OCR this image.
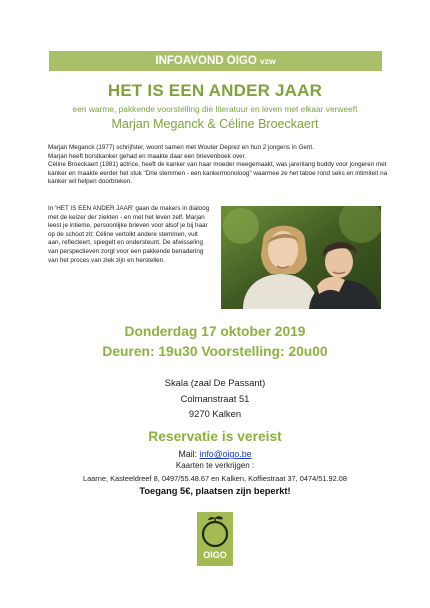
INFOAVOND OIGO vzw
HET IS EEN ANDER JAAR
een warme, pakkende voorstelling die literatuur en leven met elkaar verweeft
Marjan Meganck & Céline Broeckaert

Marjan Meganck (1977) schrijfster, woont samen met Wouter Deprez en hun 2 jongens in Gent.

Marjan heeft borstkanker gehad en maakte daar een brievenboek over.

Céline Broeckaert (1981) actrice, heeft de kanker van haar moeder meegemaakt, was jarenlang buddy voor jongeren met kanker en maakte eerder het stuk "Drie stemmen - een kankermonoloog" waarmee ze het taboe rond seks en intimiteit na kanker wil helpen doorbreken.

In 'HET IS EEN ANDER JAAR' gaan de makers in dialoog met de keizer der ziekten - en met het leven zelf. Marjan leest je intieme, persoonlijke brieven voor alsof je bij haar op de schoot zit; Céline vertolkt andere stemmen, vult aan, reflecteert, spiegelt en ondersteunt. De afwisseling van perspectieven zorgt voor een pakkende benadering van het proces van ziek zijn en herstellen.
Donderdag 17 oktober 2019
Deuren: 19u30 Voorstelling: 20u00
Skala (zaal De Passant)
Colmanstraat 51
9270 Kalken
Reservatie is vereist
Mail: info@oigo.be
Kaarten te verkrijgen :
Laarne, Kasteeldreef 8, 0497/55.48.67 en Kalken, Koffiestraat 37, 0474/51.92.08
Toegang 5€, plaatsen zijn beperkt!
OIGO
